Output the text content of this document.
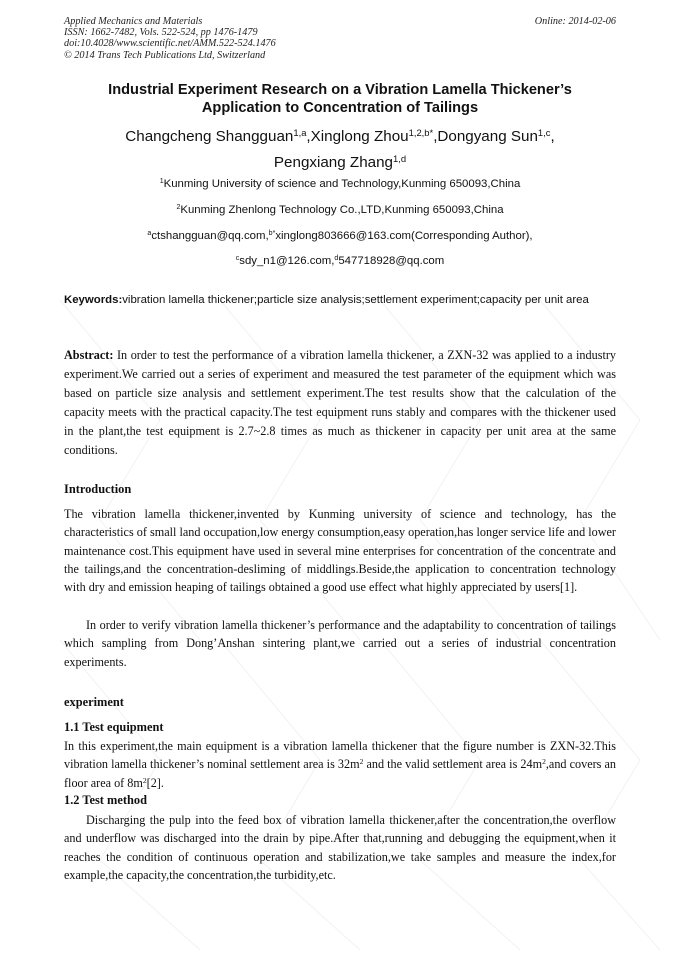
Applied Mechanics and Materials
ISSN: 1662-7482, Vols. 522-524, pp 1476-1479
doi:10.4028/www.scientific.net/AMM.522-524.1476
© 2014 Trans Tech Publications Ltd, Switzerland
Online: 2014-02-06
Industrial Experiment Research on a Vibration Lamella Thickener’s
Application to Concentration of Tailings
Changcheng Shangguan$^{1,a}$,Xinglong Zhou$^{1,2,b*}$,Dongyang Sun$^{1,c}$,
Pengxiang Zhang$^{1,d}$
$^1$Kunming University of science and Technology,Kunming 650093,China
$^2$Kunming Zhenlong Technology Co.,LTD,Kunming 650093,China
$^a$ctshangguan@qq.com,$^{b*}$xinglong803666@163.com(Corresponding Author),
$^c$sdy_n1@126.com,$^d$547718928@qq.com
Keywords:vibration lamella thickener;particle size analysis;settlement experiment;capacity per unit area
Abstract: In order to test the performance of a vibration lamella thickener, a ZXN-32 was applied to a industry experiment.We carried out a series of experiment and measured the test parameter of the equipment which was based on particle size analysis and settlement experiment.The test results show that the calculation of the capacity meets with the practical capacity.The test equipment runs stably and compares with the thickener used in the plant,the test equipment is 2.7~2.8 times as much as thickener in capacity per unit area at the same conditions.
Introduction
The vibration lamella thickener,invented by Kunming university of science and technology, has the characteristics of small land occupation,low energy consumption,easy operation,has longer service life and lower maintenance cost.This equipment have used in several mine enterprises for concentration of the concentrate and the tailings,and the concentration-desliming of middlings.Beside,the application to concentration technology with dry and emission heaping of tailings obtained a good use effect what highly appreciated by users[1].
In order to verify vibration lamella thickener’s performance and the adaptability to concentration of tailings which sampling from Dong’Anshan sintering plant,we carried out a series of industrial concentration experiments.
experiment
1.1 Test equipment
In this experiment,the main equipment is a vibration lamella thickener that the figure number is ZXN-32.This vibration lamella thickener’s nominal settlement area is $32m^2$ and the valid settlement area is $24m^2,and$ covers an floor area of $8m^2[2]$.
1.2 Test method
Discharging the pulp into the feed box of vibration lamella thickener,after the concentration,the overflow and underflow was discharged into the drain by pipe.After that,running and debugging the equipment,when it reaches the condition of continuous operation and stabilization,we take samples and measure the index,for example,the capacity,the concentration,the turbidity,etc.
